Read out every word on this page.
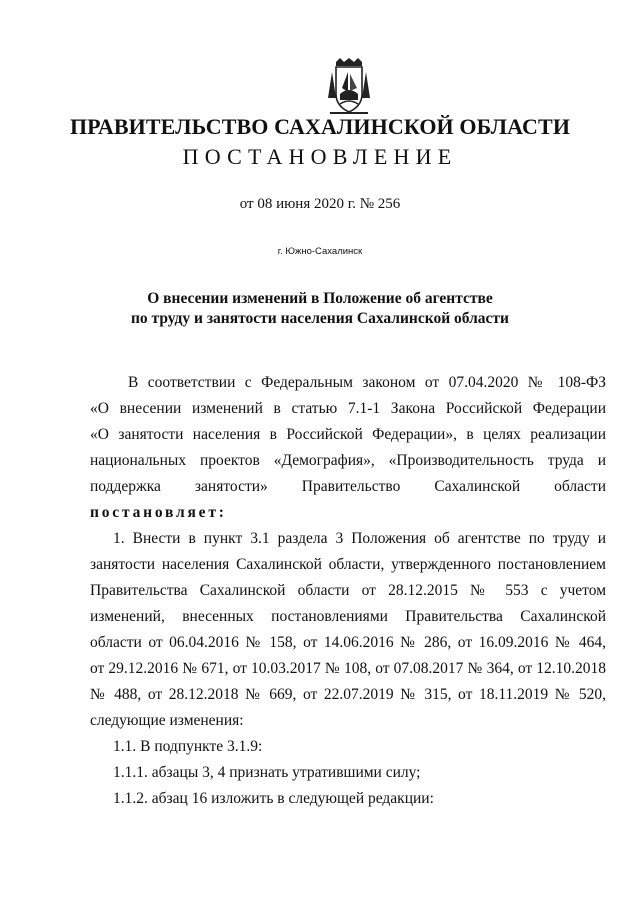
ПРАВИТЕЛЬСТВО САХАЛИНСКОЙ ОБЛАСТИ
ПОСТАНОВЛЕНИЕ
от 08 июня 2020 г. № 256
г. Южно-Сахалинск
О внесении изменений в Положение об агентстве
по труду и занятости населения Сахалинской области
В соответствии с Федеральным законом от 07.04.2020 № 108-ФЗ
«О внесении изменений в статью 7.1-1 Закона Российской Федерации
«О занятости населения в Российской Федерации», в целях реализации
национальных проектов «Демография», «Производительность труда и
поддержка занятости» Правительство Сахалинской области
постановляет:
1. Внести в пункт 3.1 раздела 3 Положения об агентстве по труду и
занятости населения Сахалинской области, утвержденного постановлением
Правительства Сахалинской области от 28.12.2015 № 553 с учетом
изменений, внесенных постановлениями Правительства Сахалинской
области от 06.04.2016 № 158, от 14.06.2016 № 286, от 16.09.2016 № 464,
от 29.12.2016 № 671, от 10.03.2017 № 108, от 07.08.2017 № 364, от 12.10.2018
№ 488, от 28.12.2018 № 669, от 22.07.2019 № 315, от 18.11.2019 № 520,
следующие изменения:
1.1. В подпункте 3.1.9:
1.1.1. абзацы 3, 4 признать утратившими силу;
1.1.2. абзац 16 изложить в следующей редакции:
